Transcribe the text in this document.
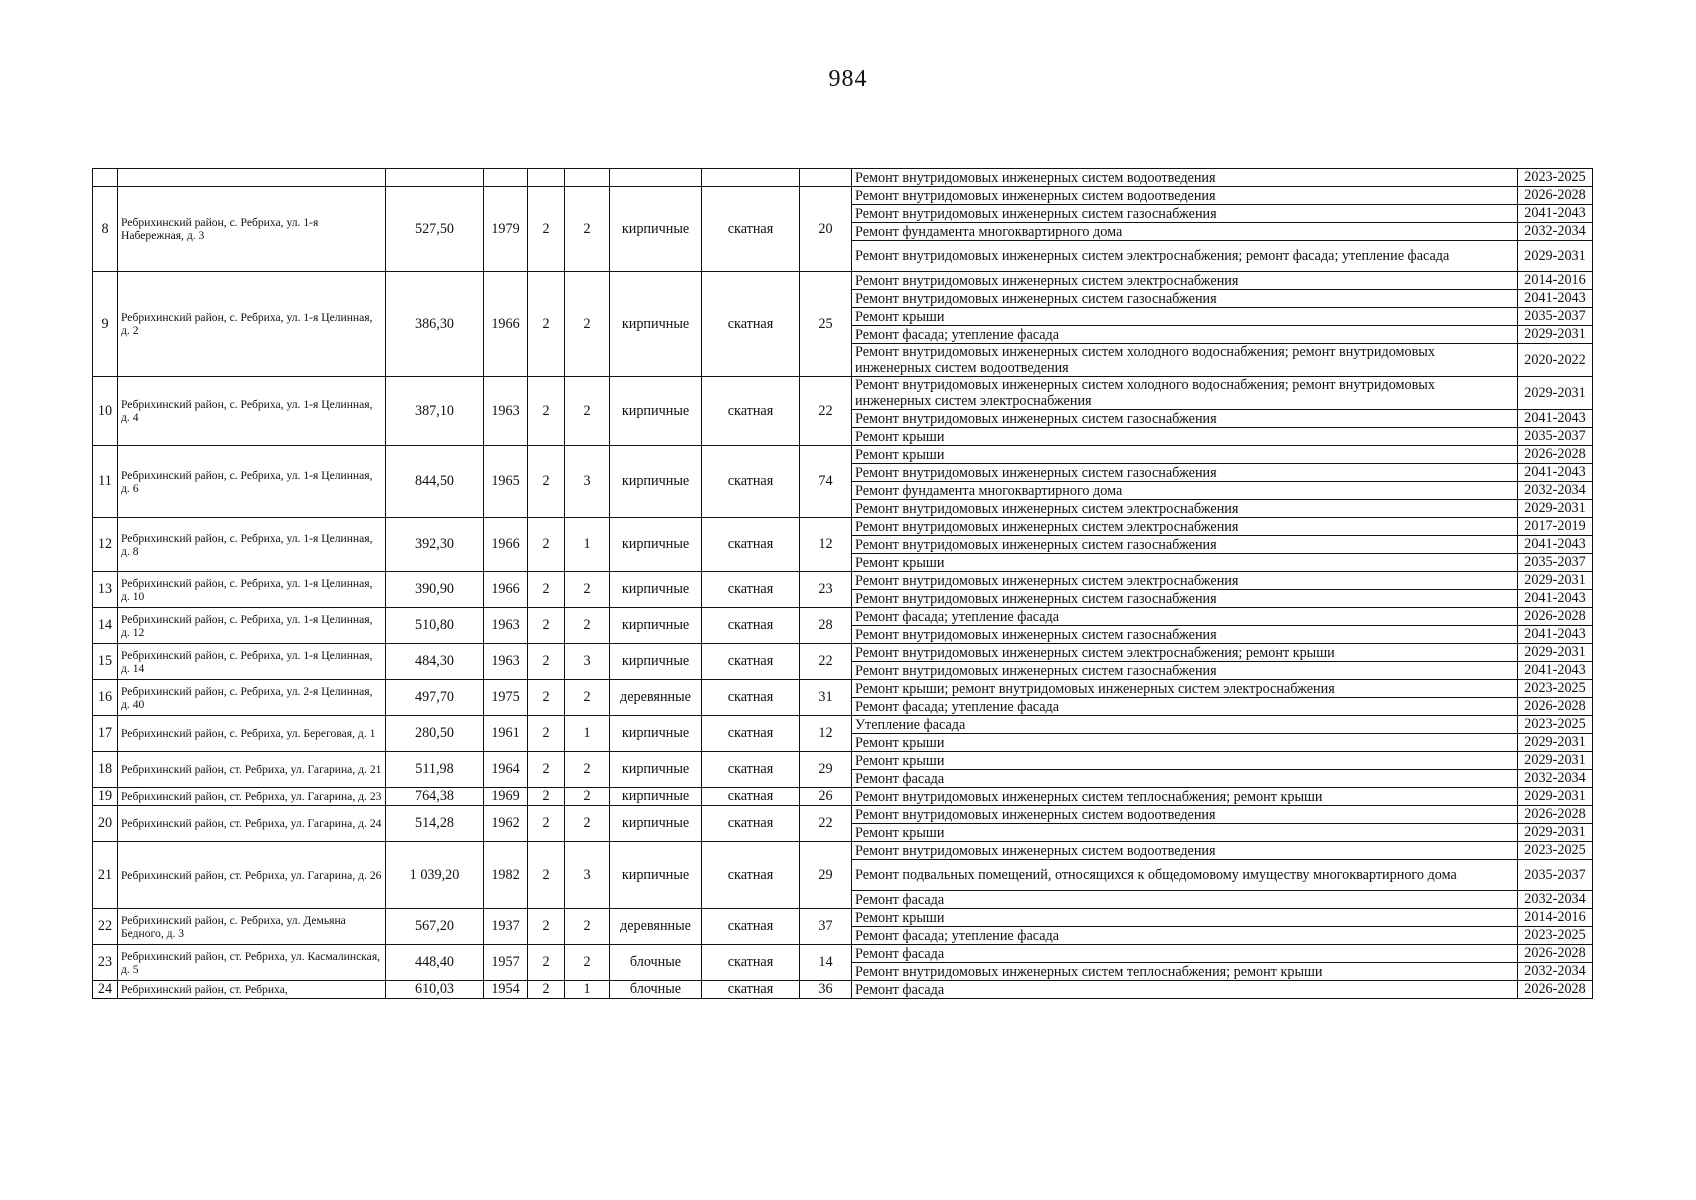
984
									Ремонт внутридомовых инженерных систем водоотведения	2023-2025
8	Ребрихинский район, с. Ребриха, ул. 1-я Набережная, д. 3	527,50	1979	2	2	кирпичные	скатная	20	Ремонт внутридомовых инженерных систем водоотведения	2026-2028
									Ремонт внутридомовых инженерных систем газоснабжения	2041-2043
									Ремонт фундамента многоквартирного дома	2032-2034
									Ремонт внутридомовых инженерных систем электроснабжения; ремонт фасада; утепление фасада	2029-2031
9	Ребрихинский район, с. Ребриха, ул. 1-я Целинная, д. 2	386,30	1966	2	2	кирпичные	скатная	25	Ремонт внутридомовых инженерных систем электроснабжения	2014-2016
									Ремонт внутридомовых инженерных систем газоснабжения	2041-2043
									Ремонт крыши	2035-2037
									Ремонт фасада; утепление фасада	2029-2031
									Ремонт внутридомовых инженерных систем холодного водоснабжения; ремонт внутридомовых инженерных систем водоотведения	2020-2022
10	Ребрихинский район, с. Ребриха, ул. 1-я Целинная, д. 4	387,10	1963	2	2	кирпичные	скатная	22	Ремонт внутридомовых инженерных систем холодного водоснабжения; ремонт внутридомовых инженерных систем электроснабжения	2029-2031
									Ремонт внутридомовых инженерных систем газоснабжения	2041-2043
									Ремонт крыши	2035-2037
11	Ребрихинский район, с. Ребриха, ул. 1-я Целинная, д. 6	844,50	1965	2	3	кирпичные	скатная	74	Ремонт крыши	2026-2028
									Ремонт внутридомовых инженерных систем газоснабжения	2041-2043
									Ремонт фундамента многоквартирного дома	2032-2034
									Ремонт внутридомовых инженерных систем электроснабжения	2029-2031
12	Ребрихинский район, с. Ребриха, ул. 1-я Целинная, д. 8	392,30	1966	2	1	кирпичные	скатная	12	Ремонт внутридомовых инженерных систем электроснабжения	2017-2019
									Ремонт внутридомовых инженерных систем газоснабжения	2041-2043
									Ремонт крыши	2035-2037
13	Ребрихинский район, с. Ребриха, ул. 1-я Целинная, д. 10	390,90	1966	2	2	кирпичные	скатная	23	Ремонт внутридомовых инженерных систем электроснабжения	2029-2031
									Ремонт внутридомовых инженерных систем газоснабжения	2041-2043
14	Ребрихинский район, с. Ребриха, ул. 1-я Целинная, д. 12	510,80	1963	2	2	кирпичные	скатная	28	Ремонт фасада; утепление фасада	2026-2028
									Ремонт внутридомовых инженерных систем газоснабжения	2041-2043
15	Ребрихинский район, с. Ребриха, ул. 1-я Целинная, д. 14	484,30	1963	2	3	кирпичные	скатная	22	Ремонт внутридомовых инженерных систем электроснабжения; ремонт крыши	2029-2031
									Ремонт внутридомовых инженерных систем газоснабжения	2041-2043
16	Ребрихинский район, с. Ребриха, ул. 2-я Целинная, д. 40	497,70	1975	2	2	деревянные	скатная	31	Ремонт крыши; ремонт внутридомовых инженерных систем электроснабжения	2023-2025
									Ремонт фасада; утепление фасада	2026-2028
17	Ребрихинский район, с. Ребриха, ул. Береговая, д. 1	280,50	1961	2	1	кирпичные	скатная	12	Утепление фасада	2023-2025
									Ремонт крыши	2029-2031
18	Ребрихинский район, ст. Ребриха, ул. Гагарина, д. 21	511,98	1964	2	2	кирпичные	скатная	29	Ремонт крыши	2029-2031
									Ремонт фасада	2032-2034
19	Ребрихинский район, ст. Ребриха, ул. Гагарина, д. 23	764,38	1969	2	2	кирпичные	скатная	26	Ремонт внутридомовых инженерных систем теплоснабжения; ремонт крыши	2029-2031
20	Ребрихинский район, ст. Ребриха, ул. Гагарина, д. 24	514,28	1962	2	2	кирпичные	скатная	22	Ремонт внутридомовых инженерных систем водоотведения	2026-2028
									Ремонт крыши	2029-2031
21	Ребрихинский район, ст. Ребриха, ул. Гагарина, д. 26	1 039,20	1982	2	3	кирпичные	скатная	29	Ремонт внутридомовых инженерных систем водоотведения	2023-2025
									Ремонт подвальных помещений, относящихся к общедомовому имуществу многоквартирного дома	2035-2037
									Ремонт фасада	2032-2034
22	Ребрихинский район, с. Ребриха, ул. Демьяна Бедного, д. 3	567,20	1937	2	2	деревянные	скатная	37	Ремонт крыши	2014-2016
									Ремонт фасада; утепление фасада	2023-2025
23	Ребрихинский район, ст. Ребриха, ул. Касмалинская, д. 5	448,40	1957	2	2	блочные	скатная	14	Ремонт фасада	2026-2028
									Ремонт внутридомовых инженерных систем теплоснабжения; ремонт крыши	2032-2034
24	Ребрихинский район, ст. Ребриха,	610,03	1954	2	1	блочные	скатная	36	Ремонт фасада	2026-2028
